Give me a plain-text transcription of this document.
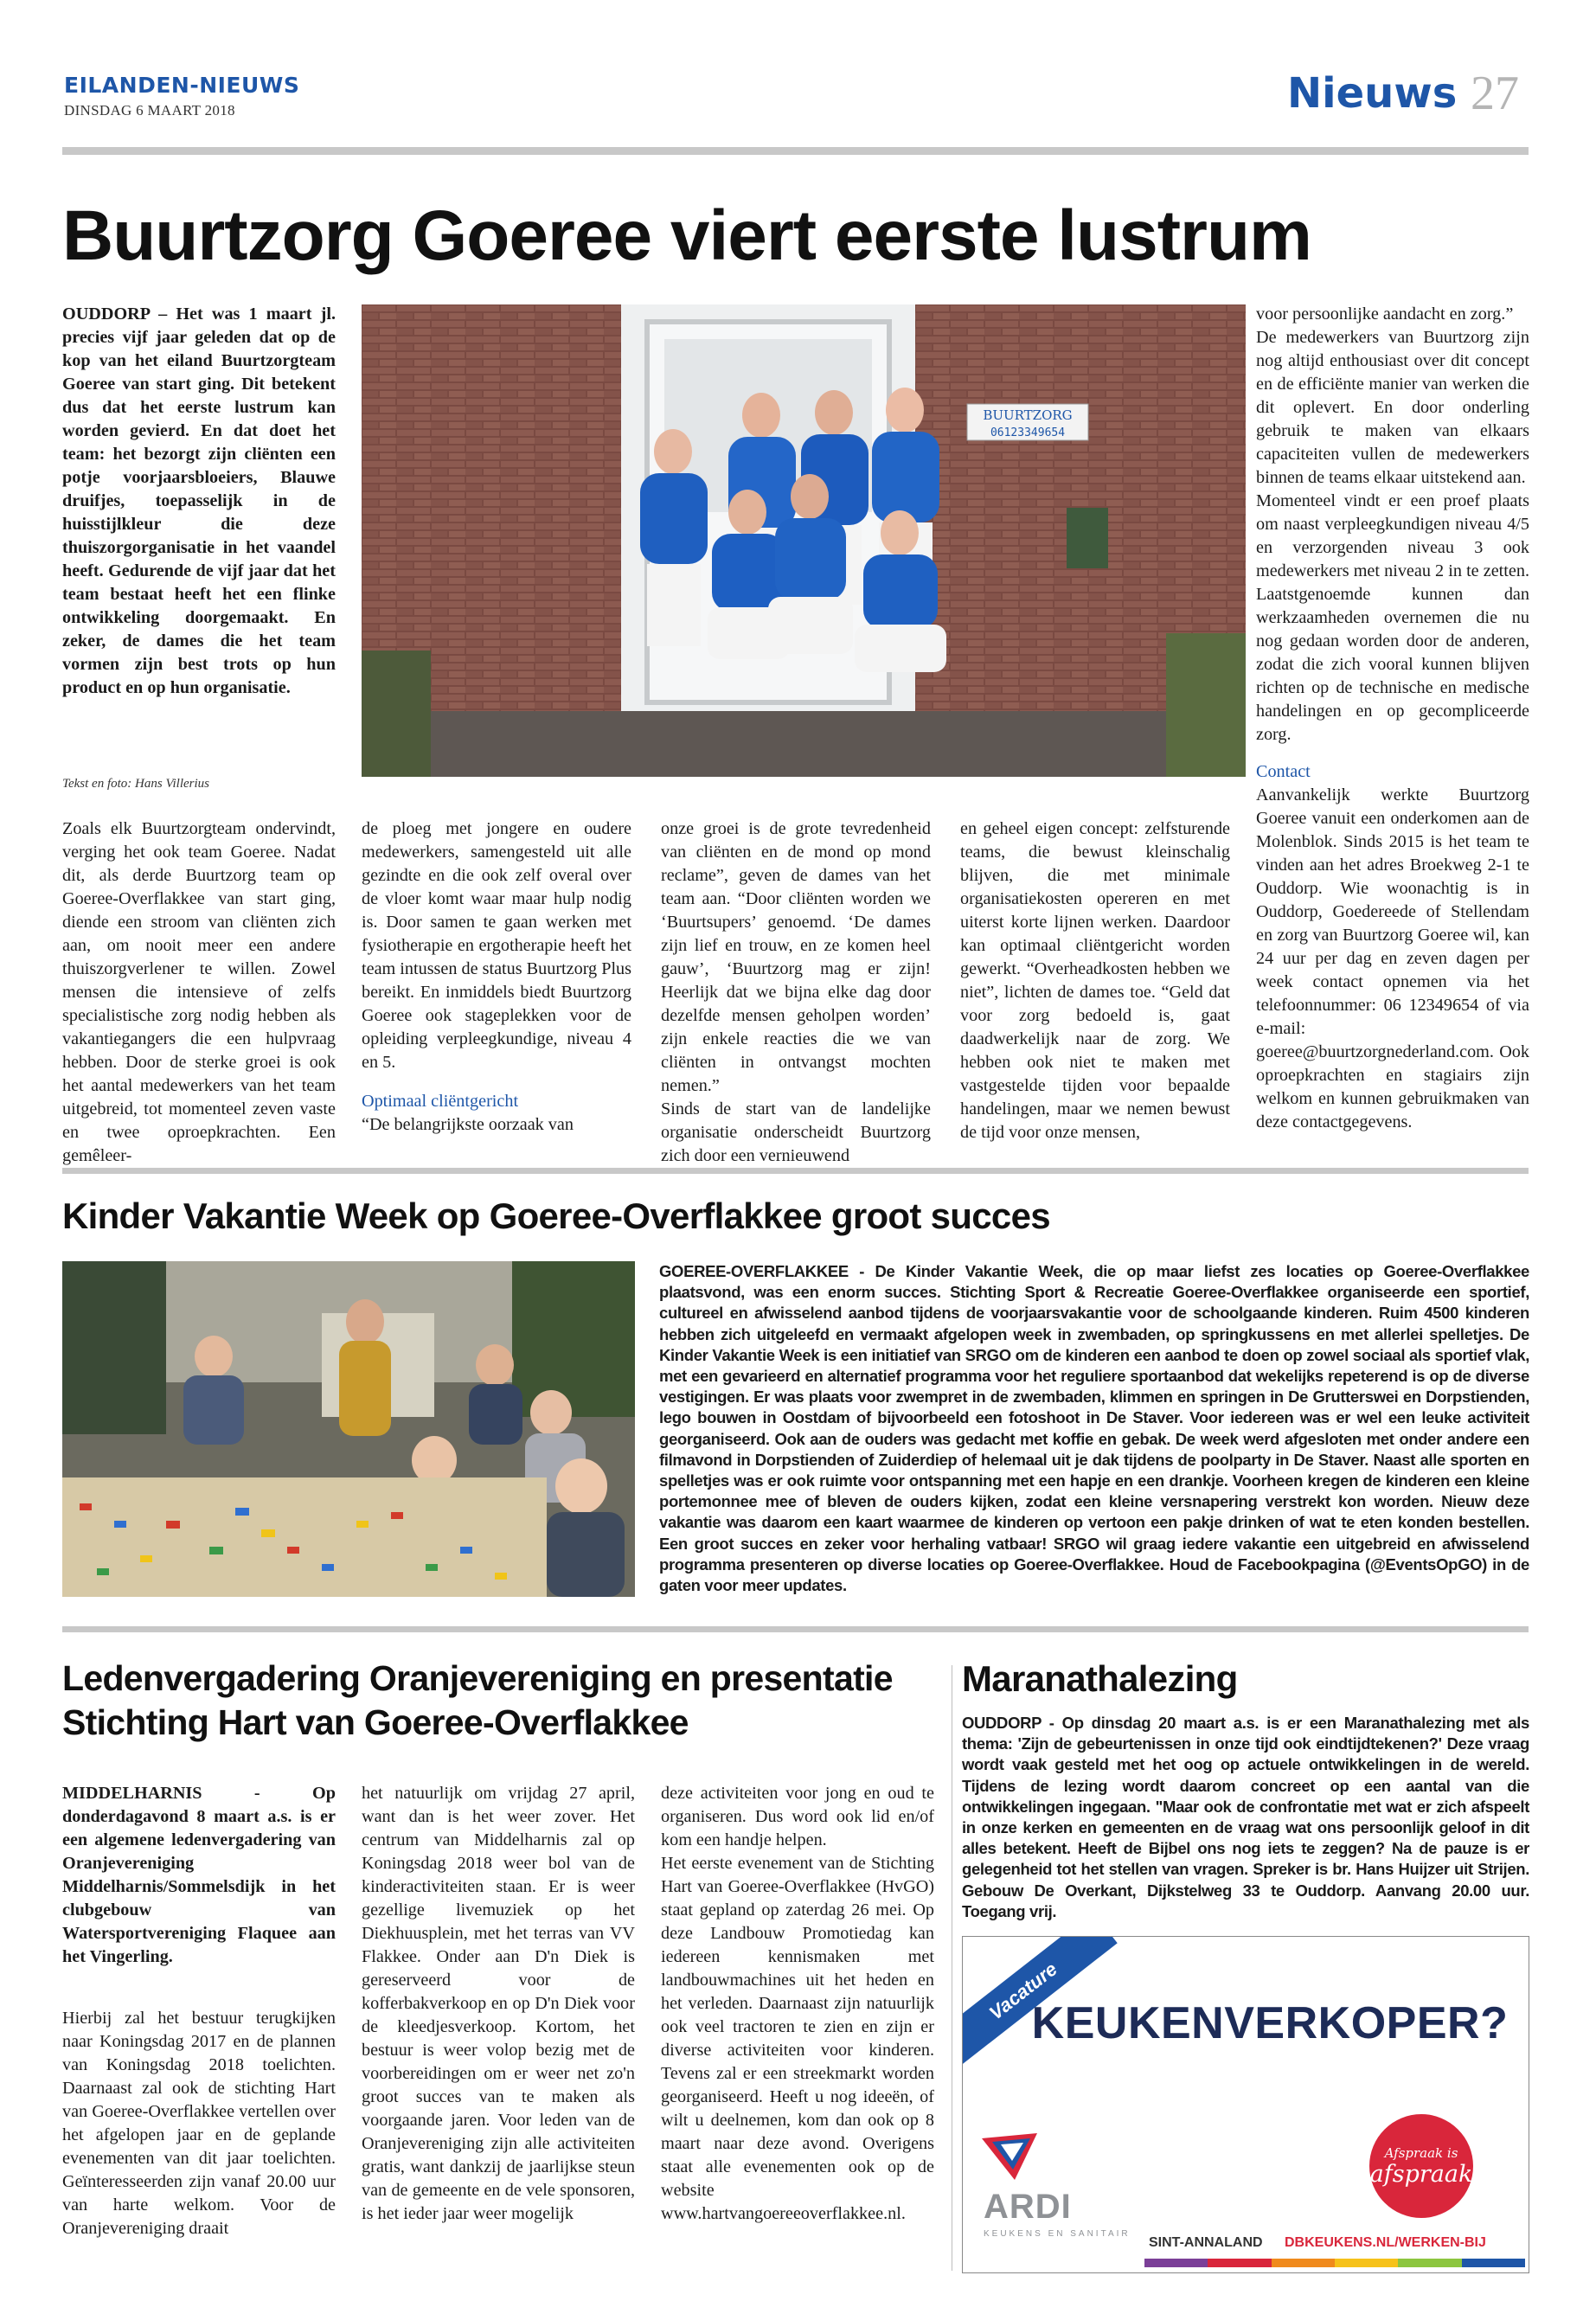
EILANDEN-NIEUWS
DINSDAG 6 MAART 2018	Nieuws 27
Buurtzorg Goeree viert eerste lustrum
OUDDORP – Het was 1 maart jl. precies vijf jaar geleden dat op de kop van het eiland Buurtzorgteam Goeree van start ging. Dit betekent dus dat het eerste lustrum kan worden gevierd. En dat doet het team: het bezorgt zijn cliënten een potje voorjaarsbloeiers, Blauwe druifjes, toepasselijk in de huisstijlkleur die deze thuiszorgorganisatie in het vaandel heeft. Gedurende de vijf jaar dat het team bestaat heeft het een flinke ontwikkeling doorgemaakt. En zeker, de dames die het team vormen zijn best trots op hun product en op hun organisatie.
Tekst en foto: Hans Villerius
BUURTZORG
06123349654
Zoals elk Buurtzorgteam ondervindt, verging het ook team Goeree. Nadat dit, als derde Buurtzorg team op Goeree-Overflakkee van start ging, diende een stroom van cliënten zich aan, om nooit meer een andere thuiszorgverlener te willen. Zowel mensen die intensieve of zelfs specialistische zorg nodig hebben als vakantiegangers die een hulpvraag hebben. Door de sterke groei is ook het aantal medewerkers van het team uitgebreid, tot momenteel zeven vaste en twee oproepkrachten. Een gemêleer-

de ploeg met jongere en oudere medewerkers, samengesteld uit alle gezindte en die ook zelf overal over de vloer komt waar maar hulp nodig is. Door samen te gaan werken met fysiotherapie en ergotherapie heeft het team intussen de status Buurtzorg Plus bereikt. En inmiddels biedt Buurtzorg Goeree ook stageplekken voor de opleiding verpleegkundige, niveau 4 en 5.

Optimaal cliëntgericht

“De belangrijkste oorzaak van

onze groei is de grote tevredenheid van cliënten en de mond op mond reclame”, geven de dames van het team aan. “Door cliënten worden we ‘Buurtsupers’ genoemd. ‘De dames zijn lief en trouw, en ze komen heel gauw’, ‘Buurtzorg mag er zijn! Heerlijk dat we bijna elke dag door dezelfde mensen geholpen worden’ zijn enkele reacties die we van cliënten in ontvangst mochten nemen.”

Sinds de start van de landelijke organisatie onderscheidt Buurtzorg zich door een vernieuwend

en geheel eigen concept: zelfsturende teams, die bewust kleinschalig blijven, die met minimale organisatiekosten opereren en met uiterst korte lijnen werken. Daardoor kan optimaal cliëntgericht worden gewerkt. “Overheadkosten hebben we niet”, lichten de dames toe. “Geld dat voor zorg bedoeld is, gaat daadwerkelijk naar de zorg. We hebben ook niet te maken met vastgestelde tijden voor bepaalde handelingen, maar we nemen bewust de tijd voor onze mensen,

voor persoonlijke aandacht en zorg.”

De medewerkers van Buurtzorg zijn nog altijd enthousiast over dit concept en de efficiënte manier van werken die dit oplevert. En door onderling gebruik te maken van elkaars capaciteiten vullen de medewerkers binnen de teams elkaar uitstekend aan.

Momenteel vindt er een proef plaats om naast verpleegkundigen niveau 4/5 en verzorgenden niveau 3 ook medewerkers met niveau 2 in te zetten. Laatstgenoemde kunnen dan werkzaamheden overnemen die nu nog gedaan worden door de anderen, zodat die zich vooral kunnen blijven richten op de technische en medische handelingen en op gecompliceerde zorg.

Contact

Aanvankelijk werkte Buurtzorg Goeree vanuit een onderkomen aan de Molenblok. Sinds 2015 is het team te vinden aan het adres Broekweg 2-1 te Ouddorp. Wie woonachtig is in Ouddorp, Goedereede of Stellendam en zorg van Buurtzorg Goeree wil, kan 24 uur per dag en zeven dagen per week contact opnemen via het telefoonnummer: 06 12349654 of via e-mail: goeree@buurtzorgnederland.com. Ook oproepkrachten en stagiairs zijn welkom en kunnen gebruikmaken van deze contactgegevens.

Kinder Vakantie Week op Goeree-Overflakkee groot succes
GOEREE-OVERFLAKKEE - De Kinder Vakantie Week, die op maar liefst zes locaties op Goeree-Overflakkee plaatsvond, was een enorm succes. Stichting Sport & Recreatie Goeree-Overflakkee organiseerde een sportief, cultureel en afwisselend aanbod tijdens de voorjaarsvakantie voor de schoolgaande kinderen. Ruim 4500 kinderen hebben zich uitgeleefd en vermaakt afgelopen week in zwembaden, op springkussens en met allerlei spelletjes. De Kinder Vakantie Week is een initiatief van SRGO om de kinderen een aanbod te doen op zowel sociaal als sportief vlak, met een gevarieerd en alternatief programma voor het reguliere sportaanbod dat wekelijks repeterend is op de diverse vestigingen. Er was plaats voor zwempret in de zwembaden, klimmen en springen in De Grutterswei en Dorpstienden, lego bouwen in Oostdam of bijvoorbeeld een fotoshoot in De Staver. Voor iedereen was er wel een leuke activiteit georganiseerd. Ook aan de ouders was gedacht met koffie en gebak. De week werd afgesloten met onder andere een filmavond in Dorpstienden of Zuiderdiep of helemaal uit je dak tijdens de poolparty in De Staver. Naast alle sporten en spelletjes was er ook ruimte voor ontspanning met een hapje en een drankje. Voorheen kregen de kinderen een kleine portemonnee mee of bleven de ouders kijken, zodat een kleine versnapering verstrekt kon worden. Nieuw deze vakantie was daarom een kaart waarmee de kinderen op vertoon een pakje drinken of wat te eten konden bestellen. Een groot succes en zeker voor herhaling vatbaar! SRGO wil graag iedere vakantie een uitgebreid en afwisselend programma presenteren op diverse locaties op Goeree-Overflakkee. Houd de Facebookpagina (@EventsOpGO) in de gaten voor meer updates.
Ledenvergadering Oranjevereniging en presentatie
Stichting Hart van Goeree-Overflakkee
MIDDELHARNIS - Op donderdagavond 8 maart a.s. is er een algemene ledenvergadering van Oranjevereniging Middelharnis/Sommelsdijk in het clubgebouw van Watersportvereniging Flaquee aan het Vingerling.
Hierbij zal het bestuur terugkijken naar Koningsdag 2017 en de plannen van Koningsdag 2018 toelichten. Daarnaast zal ook de stichting Hart van Goeree-Overflakkee vertellen over het afgelopen jaar en de geplande evenementen van dit jaar toelichten. Geïnteresseerden zijn vanaf 20.00 uur van harte welkom. Voor de Oranjevereniging draait
het natuurlijk om vrijdag 27 april, want dan is het weer zover. Het centrum van Middelharnis zal op Koningsdag 2018 weer bol van de kinderactiviteiten staan. Er is weer gezellige livemuziek op het Diekhuusplein, met het terras van VV Flakkee. Onder aan D'n Diek is gereserveerd voor de kofferbakverkoop en op D'n Diek voor de kleedjesverkoop. Kortom, het bestuur is weer volop bezig met de voorbereidingen om er weer net zo'n groot succes van te maken als voorgaande jaren. Voor leden van de Oranjevereniging zijn alle activiteiten gratis, want dankzij de jaarlijkse steun van de gemeente en de vele sponsoren, is het ieder jaar weer mogelijk

deze activiteiten voor jong en oud te organiseren. Dus word ook lid en/of kom een handje helpen.

Het eerste evenement van de Stichting Hart van Goeree-Overflakkee (HvGO) staat gepland op zaterdag 26 mei. Op deze Landbouw Promotiedag kan iedereen kennismaken met landbouwmachines uit het heden en het verleden. Daarnaast zijn natuurlijk ook veel tractoren te zien en zijn er diverse activiteiten voor kinderen. Tevens zal er een streekmarkt worden georganiseerd. Heeft u nog ideeën, of wilt u deelnemen, kom dan ook op 8 maart naar deze avond. Overigens staat alle evenementen ook op de website www.hartvangoereeoverflakkee.nl.

Maranathalezing
OUDDORP - Op dinsdag 20 maart a.s. is er een Maranathalezing met als thema: 'Zijn de gebeurtenissen in onze tijd ook eindtijdtekenen?' Deze vraag wordt vaak gesteld met het oog op actuele ontwikkelingen in de wereld. Tijdens de lezing wordt daarom concreet op een aantal van die ontwikkelingen ingegaan. "Maar ook de confrontatie met wat er zich afspeelt in onze kerken en gemeenten en de vraag wat ons persoonlijk geloof in dit alles betekent. Heeft de Bijbel ons nog iets te zeggen? Na de pauze is er gelegenheid tot het stellen van vragen. Spreker is br. Hans Huijzer uit Strijen. Gebouw De Overkant, Dijkstelweg 33 te Ouddorp. Aanvang 20.00 uur. Toegang vrij.
Vacature
KEUKENVERKOPER?
Afspraak is
afspraak
ARDI
KEUKENS EN SANITAIR
SINT-ANNALAND DBKEUKENS.NL/WERKEN-BIJ
